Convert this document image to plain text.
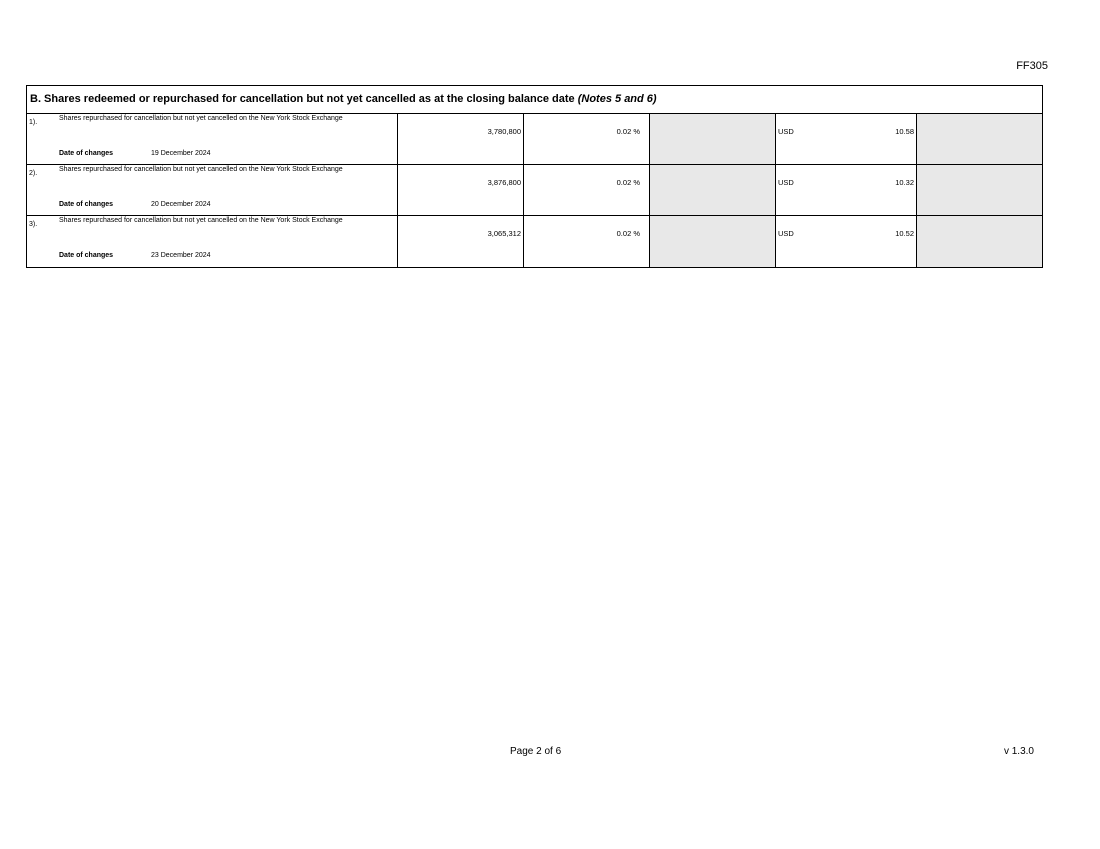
FF305
B. Shares redeemed or repurchased for cancellation but not yet cancelled as at the closing balance date (Notes 5 and 6)
1).
Shares repurchased for cancellation but not yet cancelled on the New York Stock Exchange
Date of changes	19 December 2024
3,780,800	0.02 %	USD	10.58
2).
Shares repurchased for cancellation but not yet cancelled on the New York Stock Exchange
Date of changes	20 December 2024
3,876,800	0.02 %	USD	10.32
3).
Shares repurchased for cancellation but not yet cancelled on the New York Stock Exchange
Date of changes	23 December 2024
3,065,312	0.02 %	USD	10.52
Page 2 of 6	v 1.3.0
